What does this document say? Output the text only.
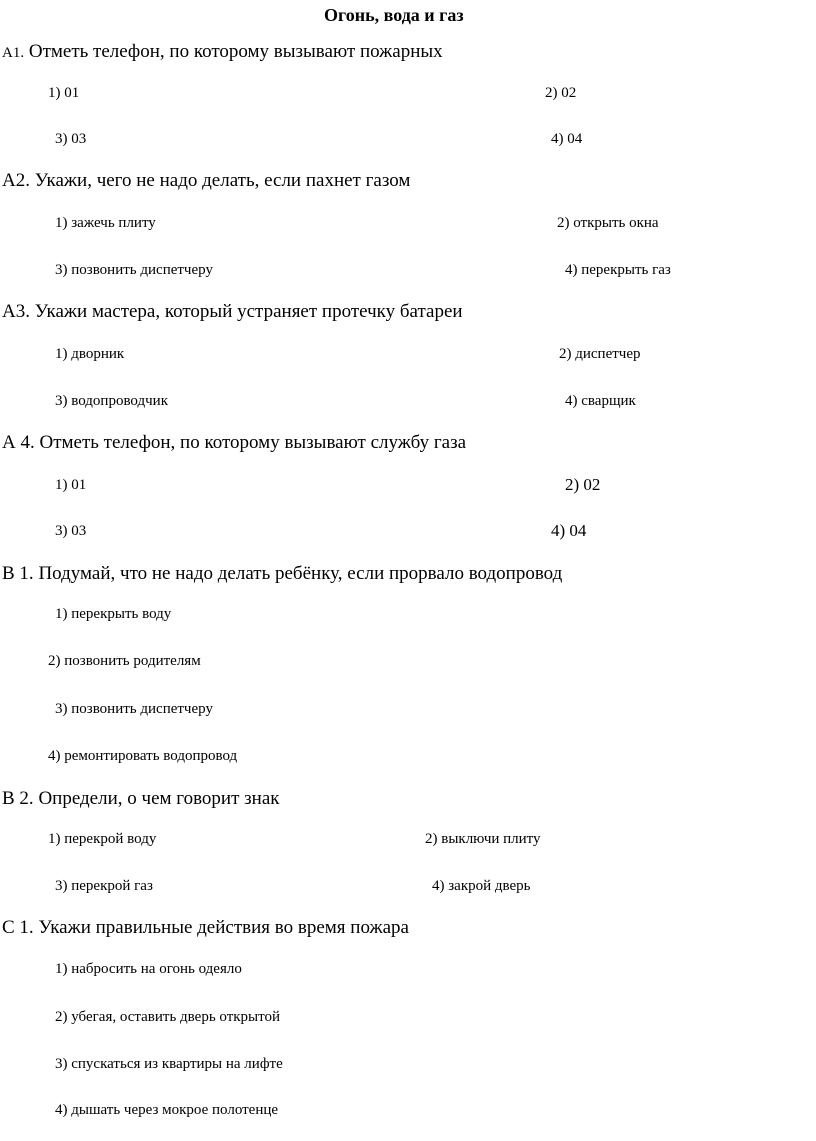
Огонь, вода и газ
А1. Отметь телефон, по которому вызывают пожарных
1) 01	2) 02
3) 03	4) 04
А2. Укажи, чего не надо делать, если пахнет газом
1) зажечь плиту	2) открыть окна
3) позвонить диспетчеру	4) перекрыть газ
А3. Укажи мастера, который устраняет протечку батареи
1) дворник	2) диспетчер
3) водопроводчик	4) сварщик
А 4. Отметь телефон, по которому вызывают службу газа
1) 01	2) 02
3) 03	4) 04
В 1. Подумай, что не надо делать ребёнку, если прорвало водопровод
1) перекрыть воду
2) позвонить родителям
3) позвонить диспетчеру
4) ремонтировать водопровод
В 2. Определи, о чем говорит знак
1) перекрой воду	2) выключи плиту
3) перекрой газ	4) закрой дверь
С 1. Укажи правильные действия во время пожара
1) набросить на огонь одеяло
2) убегая, оставить дверь открытой
3) спускаться из квартиры на лифте
4) дышать через мокрое полотенце
